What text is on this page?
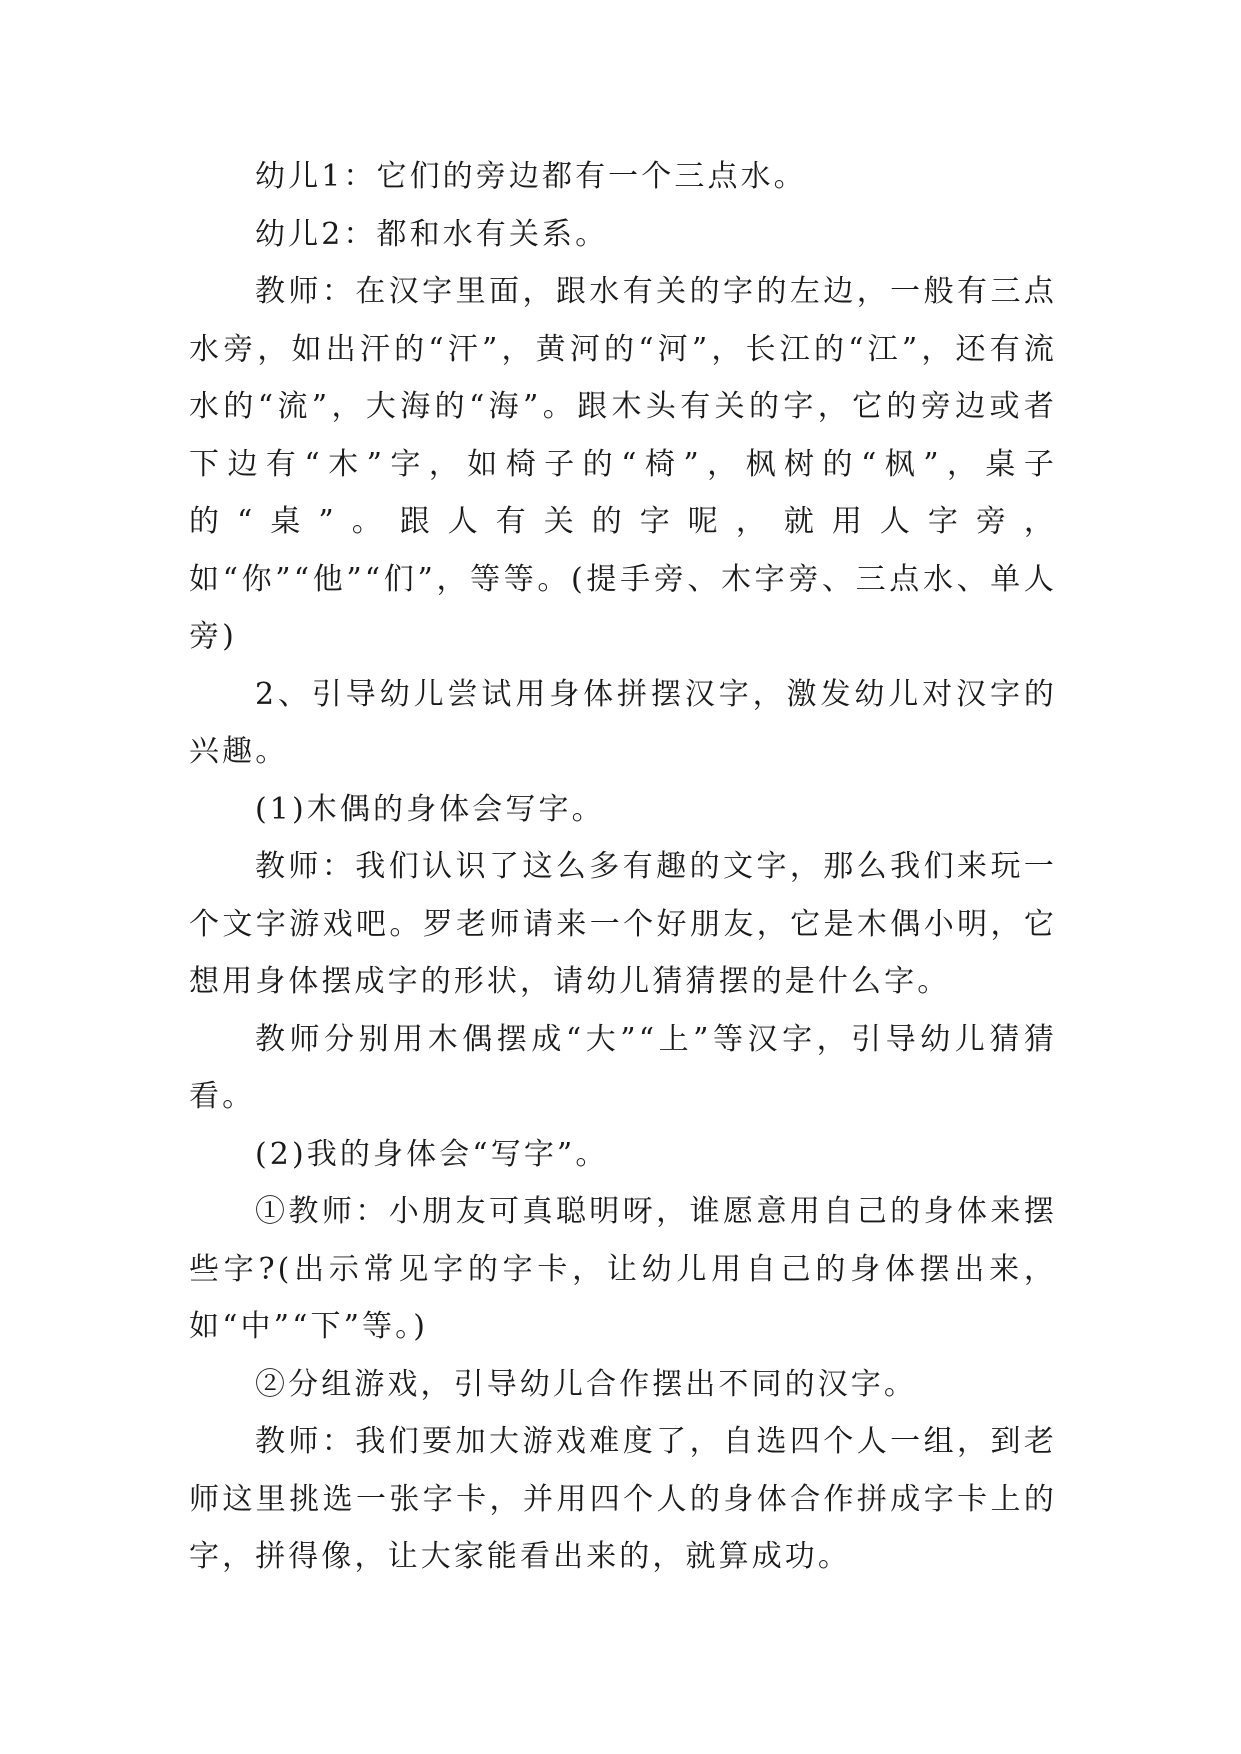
幼儿1：它们的旁边都有一个三点水。

幼儿2：都和水有关系。

教师：在汉字里面，跟水有关的字的左边，一般有三点水旁，如出汗的“汗”，黄河的“河”，长江的“江”，还有流水的“流”，大海的“海”。跟木头有关的字，它的旁边或者下边有“木”字，如椅子的“椅”，枫树的“枫”，桌子的“桌”。跟人有关的字呢，就用人字旁，如“你”“他”“们”，等等。(提手旁、木字旁、三点水、单人旁)

2、引导幼儿尝试用身体拼摆汉字，激发幼儿对汉字的兴趣。

(1)木偶的身体会写字。

教师：我们认识了这么多有趣的文字，那么我们来玩一个文字游戏吧。罗老师请来一个好朋友，它是木偶小明，它想用身体摆成字的形状，请幼儿猜猜摆的是什么字。

教师分别用木偶摆成“大”“上”等汉字，引导幼儿猜猜看。

(2)我的身体会“写字”。

①教师：小朋友可真聪明呀，谁愿意用自己的身体来摆些字?(出示常见字的字卡，让幼儿用自己的身体摆出来，如“中”“下”等。)

②分组游戏，引导幼儿合作摆出不同的汉字。

教师：我们要加大游戏难度了，自选四个人一组，到老师这里挑选一张字卡，并用四个人的身体合作拼成字卡上的字，拼得像，让大家能看出来的，就算成功。
